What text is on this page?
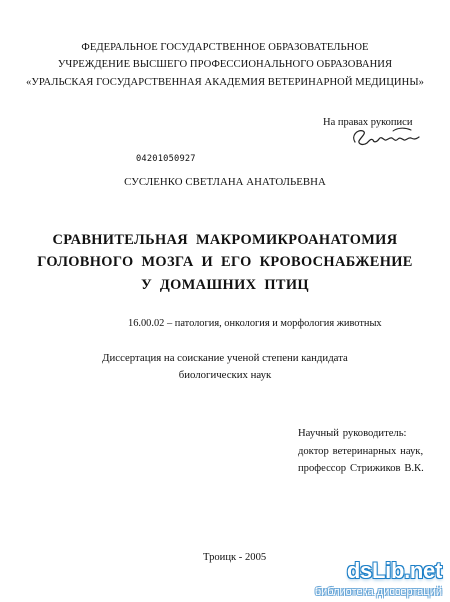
ФЕДЕРАЛЬНОЕ ГОСУДАРСТВЕННОЕ ОБРАЗОВАТЕЛЬНОЕ
УЧРЕЖДЕНИЕ ВЫСШЕГО ПРОФЕССИОНАЛЬНОГО ОБРАЗОВАНИЯ
«УРАЛЬСКАЯ ГОСУДАРСТВЕННАЯ АКАДЕМИЯ ВЕТЕРИНАРНОЙ МЕДИЦИНЫ»
На правах рукописи
04201050927
СУСЛЕНКО СВЕТЛАНА АНАТОЛЬЕВНА
СРАВНИТЕЛЬНАЯ МАКРОМИКРОАНАТОМИЯ
ГОЛОВНОГО МОЗГА И ЕГО КРОВОСНАБЖЕНИЕ
У ДОМАШНИХ ПТИЦ
16.00.02 – патология, онкология и морфология животных
Диссертация на соискание ученой степени кандидата
биологических наук
Научный руководитель:
доктор ветеринарных наук,
профессор Стрижиков В.К.
Троицк - 2005
dsLib.net
библиотека диссертаций
